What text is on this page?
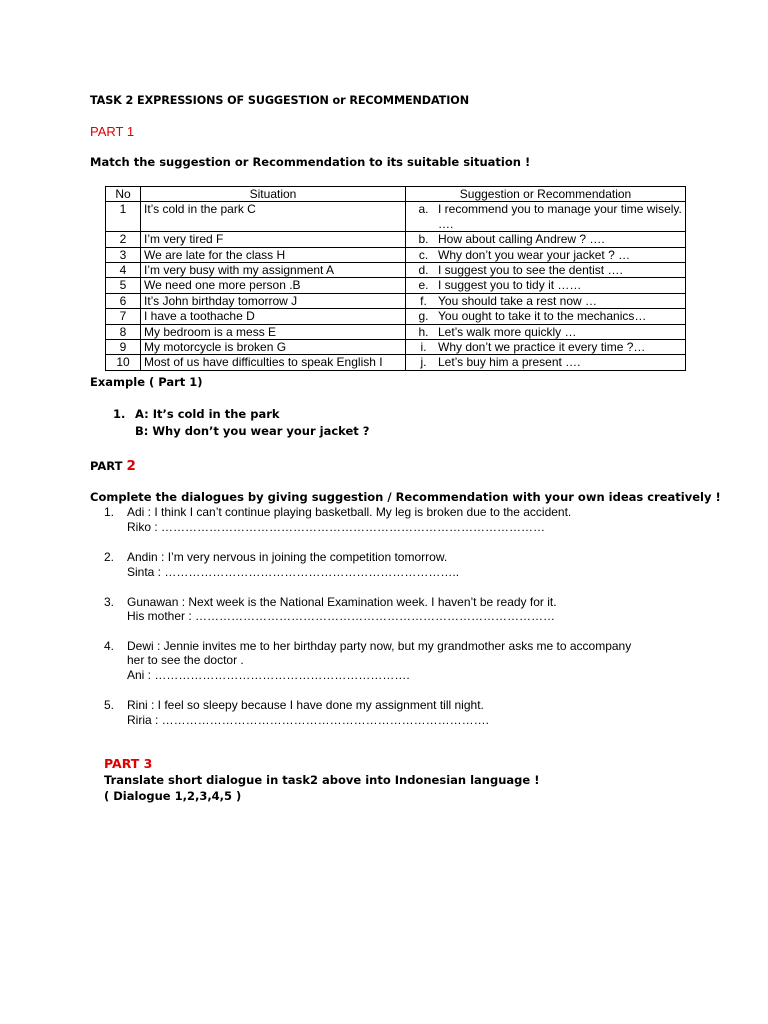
TASK 2 EXPRESSIONS OF SUGGESTION or RECOMMENDATION
PART 1
Match the suggestion or Recommendation to its suitable situation !
No	Situation	Suggestion or Recommendation
1	It’s cold in the park C	a. I recommend you to manage your time wisely. ….

2	I’m very tired F	b. How about calling Andrew ? ….

3	We are late for the class H	c. Why don’t you wear your jacket ? …

4	I’m very busy with my assignment A	d. I suggest you to see the dentist ….

5	We need one more person .B	e. I suggest you to tidy it ……

6	It’s John birthday tomorrow J	f. You should take a rest now …

7	I have a toothache D	g. You ought to take it to the mechanics…

8	My bedroom is a mess E	h. Let’s walk more quickly …

9	My motorcycle is broken G	i. Why don’t we practice it every time ?…

10	Most of us have difficulties to speak English I	j. Let’s buy him a present ….
Example ( Part 1)
1. A: It’s cold in the park
B: Why don’t you wear your jacket ?
PART 2
Complete the dialogues by giving suggestion / Recommendation with your own ideas creatively !
1. Adi : I think I can’t continue playing basketball. My leg is broken due to the accident.
Riko : ……………………………………………………………………………………
2. Andin : I’m very nervous in joining the competition tomorrow.
Sinta : ………………………………………………………………..
3. Gunawan : Next week is the National Examination week. I haven’t be ready for it.
His mother : ………………………………………………………………………………
4. Dewi : Jennie invites me to her birthday party now, but my grandmother asks me to accompany
her to see the doctor .
Ani : ……………………………………………………….
5. Rini : I feel so sleepy because I have done my assignment till night.
Riria : ……………………………………………………………………….
PART 3
Translate short dialogue in task2 above into Indonesian language !
( Dialogue 1,2,3,4,5 )
